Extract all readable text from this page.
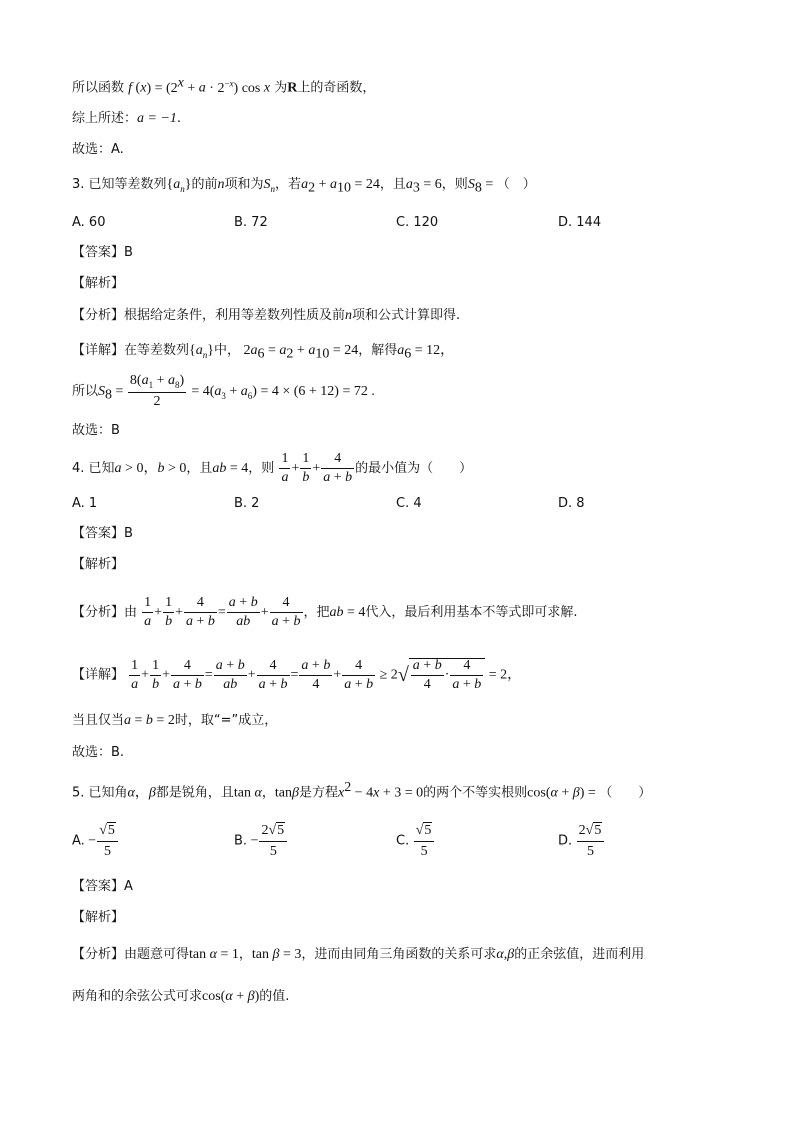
所以函数 f $(x) = (2^x + a \cdot 2^{-x})$ cos x 为R上的奇函数，
综上所述：a = −1.
故选：A.
3. 已知等差数列$\{a_n\}$的前n项和为$S_n$，若$a_2 + a_{10} = 24$，且$a_3 = 6$，则$S_8$ = （　）
A. 60	B. 72	C. 120	D. 144
【答案】B
【解析】
【分析】根据给定条件，利用等差数列性质及前n项和公式计算即得.
【详解】在等差数列$\{a_n\}$中， $2a_6 = a_2 + a_{10} = 24$，解得$a_6 = 12$，
所以$S_8 = \frac{8(a_1 + a_8)}{2} = 4(a_3 + a_6) = 4 \times (6 + 12) = 72$ .
故选：B
4. 已知a > 0，b > 0，且ab = 4，则 $\frac{1}{a} + \frac{1}{b} + \frac{4}{a + b}$ 的最小值为（　　）
A. 1	B. 2	C. 4	D. 8
【答案】B
【解析】
【分析】由 $\frac{1}{a} + \frac{1}{b} + \frac{4}{a + b} = \frac{a + b}{ab} + \frac{4}{a + b}$ ，把ab = 4代入，最后利用基本不等式即可求解.
【详解】 $\frac{1}{a} + \frac{1}{b} + \frac{4}{a + b} = \frac{a + b}{ab} + \frac{4}{a + b} = \frac{a + b}{4} + \frac{4}{a + b} \ge 2√ \frac{a + b}{4} \cdot \frac{4}{a + b} = 2$，
当且仅当a = b = 2时，取“=”成立，
故选：B.
5. 已知角α，β都是锐角，且tan α，tanβ是方程$x^2 - 4x + 3 = 0$的两个不等实根则cos(α + β) = （　　）
A. − $\frac{√5}{5}$	B. − $\frac{2√5}{5}$	C. $\frac{√5}{5}$	D. $\frac{2√5}{5}$
【答案】A
【解析】
【分析】由题意可得tan α = 1，tan β = 3，进而由同角三角函数的关系可求α,β的正余弦值，进而利用
两角和的余弦公式可求cos(α + β)的值.
